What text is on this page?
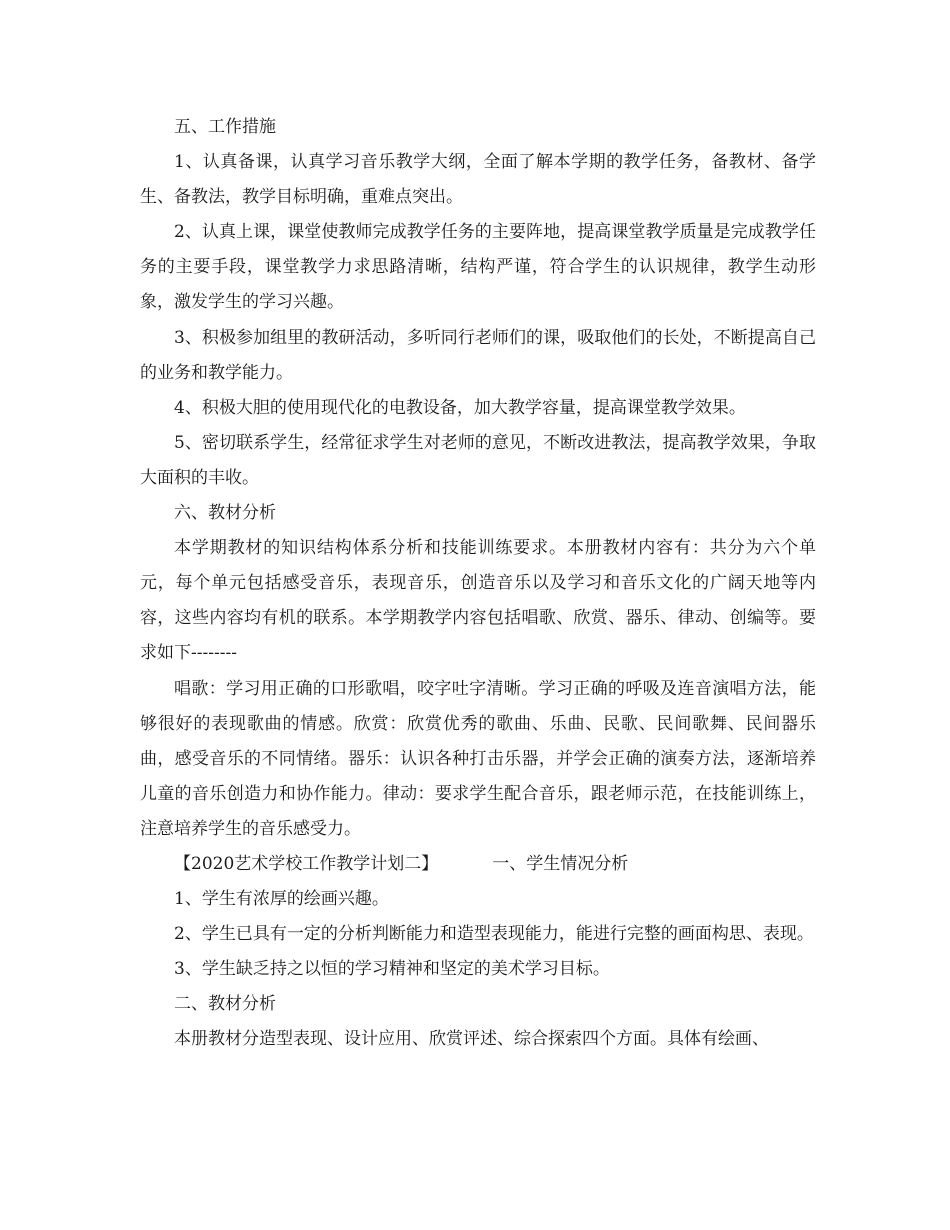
五、工作措施

1、认真备课，认真学习音乐教学大纲，全面了解本学期的教学任务，备教材、备学生、备教法，教学目标明确，重难点突出。

2、认真上课，课堂使教师完成教学任务的主要阵地，提高课堂教学质量是完成教学任务的主要手段，课堂教学力求思路清晰，结构严谨，符合学生的认识规律，教学生动形象，激发学生的学习兴趣。

3、积极参加组里的教研活动，多听同行老师们的课，吸取他们的长处，不断提高自己的业务和教学能力。

4、积极大胆的使用现代化的电教设备，加大教学容量，提高课堂教学效果。

5、密切联系学生，经常征求学生对老师的意见，不断改进教法，提高教学效果，争取大面积的丰收。

六、教材分析

本学期教材的知识结构体系分析和技能训练要求。本册教材内容有：共分为六个单元，每个单元包括感受音乐，表现音乐，创造音乐以及学习和音乐文化的广阔天地等内容，这些内容均有机的联系。本学期教学内容包括唱歌、欣赏、器乐、律动、创编等。要求如下--------

唱歌：学习用正确的口形歌唱，咬字吐字清晰。学习正确的呼吸及连音演唱方法，能够很好的表现歌曲的情感。欣赏：欣赏优秀的歌曲、乐曲、民歌、民间歌舞、民间器乐曲，感受音乐的不同情绪。器乐：认识各种打击乐器，并学会正确的演奏方法，逐渐培养儿童的音乐创造力和协作能力。律动：要求学生配合音乐，跟老师示范，在技能训练上，注意培养学生的音乐感受力。

【2020艺术学校工作教学计划二】	一、学生情况分析

1、学生有浓厚的绘画兴趣。

2、学生已具有一定的分析判断能力和造型表现能力，能进行完整的画面构思、表现。

3、学生缺乏持之以恒的学习精神和坚定的美术学习目标。

二、教材分析

本册教材分造型表现、设计应用、欣赏评述、综合探索四个方面。具体有绘画、
